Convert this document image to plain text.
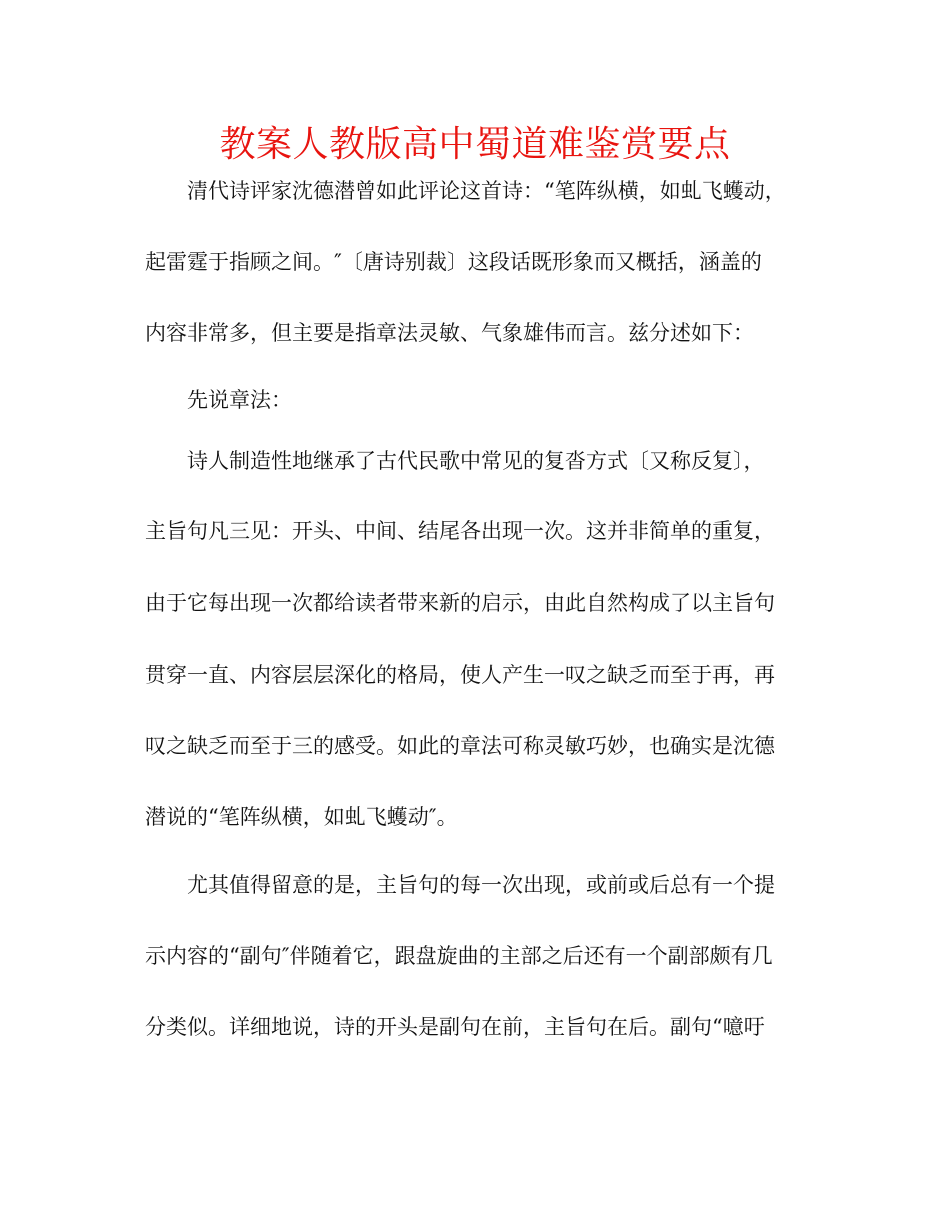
教案人教版高中蜀道难鉴赏要点
清代诗评家沈德潜曾如此评论这首诗：“笔阵纵横，如虬飞蠖动，
起雷霆于指顾之间。″〔唐诗别裁〕这段话既形象而又概括，涵盖的
内容非常多，但主要是指章法灵敏、气象雄伟而言。兹分述如下：
先说章法：
诗人制造性地继承了古代民歌中常见的复沓方式〔又称反复〕，
主旨句凡三见：开头、中间、结尾各出现一次。这并非简单的重复，
由于它每出现一次都给读者带来新的启示，由此自然构成了以主旨句
贯穿一直、内容层层深化的格局，使人产生一叹之缺乏而至于再，再
叹之缺乏而至于三的感受。如此的章法可称灵敏巧妙，也确实是沈德
潜说的“笔阵纵横，如虬飞蠖动″。
尤其值得留意的是，主旨句的每一次出现，或前或后总有一个提
示内容的“副句″伴随着它，跟盘旋曲的主部之后还有一个副部颇有几
分类似。详细地说，诗的开头是副句在前，主旨句在后。副句“噫吁
